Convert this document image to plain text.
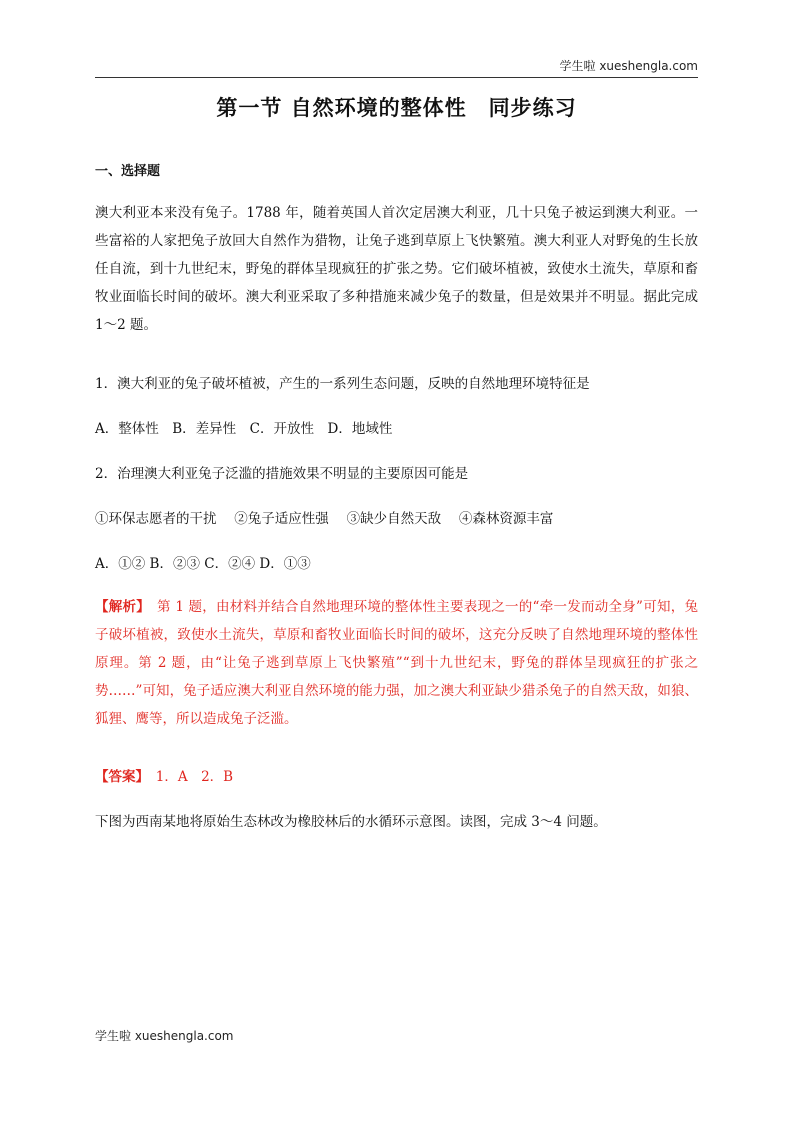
学生啦 xueshengla.com
第一节 自然环境的整体性　同步练习
一、选择题
澳大利亚本来没有兔子。1788 年，随着英国人首次定居澳大利亚，几十只兔子被运到澳大利亚。一些富裕的人家把兔子放回大自然作为猎物，让兔子逃到草原上飞快繁殖。澳大利亚人对野兔的生长放任自流，到十九世纪末，野兔的群体呈现疯狂的扩张之势。它们破坏植被，致使水土流失，草原和畜牧业面临长时间的破坏。澳大利亚采取了多种措施来减少兔子的数量，但是效果并不明显。据此完成 1～2 题。
1．澳大利亚的兔子破坏植被，产生的一系列生态问题，反映的自然地理环境特征是
A．整体性　B．差异性　C．开放性　D．地域性
2．治理澳大利亚兔子泛滥的措施效果不明显的主要原因可能是
①环保志愿者的干扰　 ②兔子适应性强　 ③缺少自然天敌　 ④森林资源丰富
A．①② B．②③ C．②④ D．①③
【解析】　第 1 题，由材料并结合自然地理环境的整体性主要表现之一的“牵一发而动全身”可知，兔子破坏植被，致使水土流失，草原和畜牧业面临长时间的破坏，这充分反映了自然地理环境的整体性原理。第 2 题，由“让兔子逃到草原上飞快繁殖”“到十九世纪末，野兔的群体呈现疯狂的扩张之势……”可知，兔子适应澳大利亚自然环境的能力强，加之澳大利亚缺少猎杀兔子的自然天敌，如狼、狐狸、鹰等，所以造成兔子泛滥。
【答案】　1．A　2．B
下图为西南某地将原始生态林改为橡胶林后的水循环示意图。读图，完成 3～4 问题。
学生啦 xueshengla.com
